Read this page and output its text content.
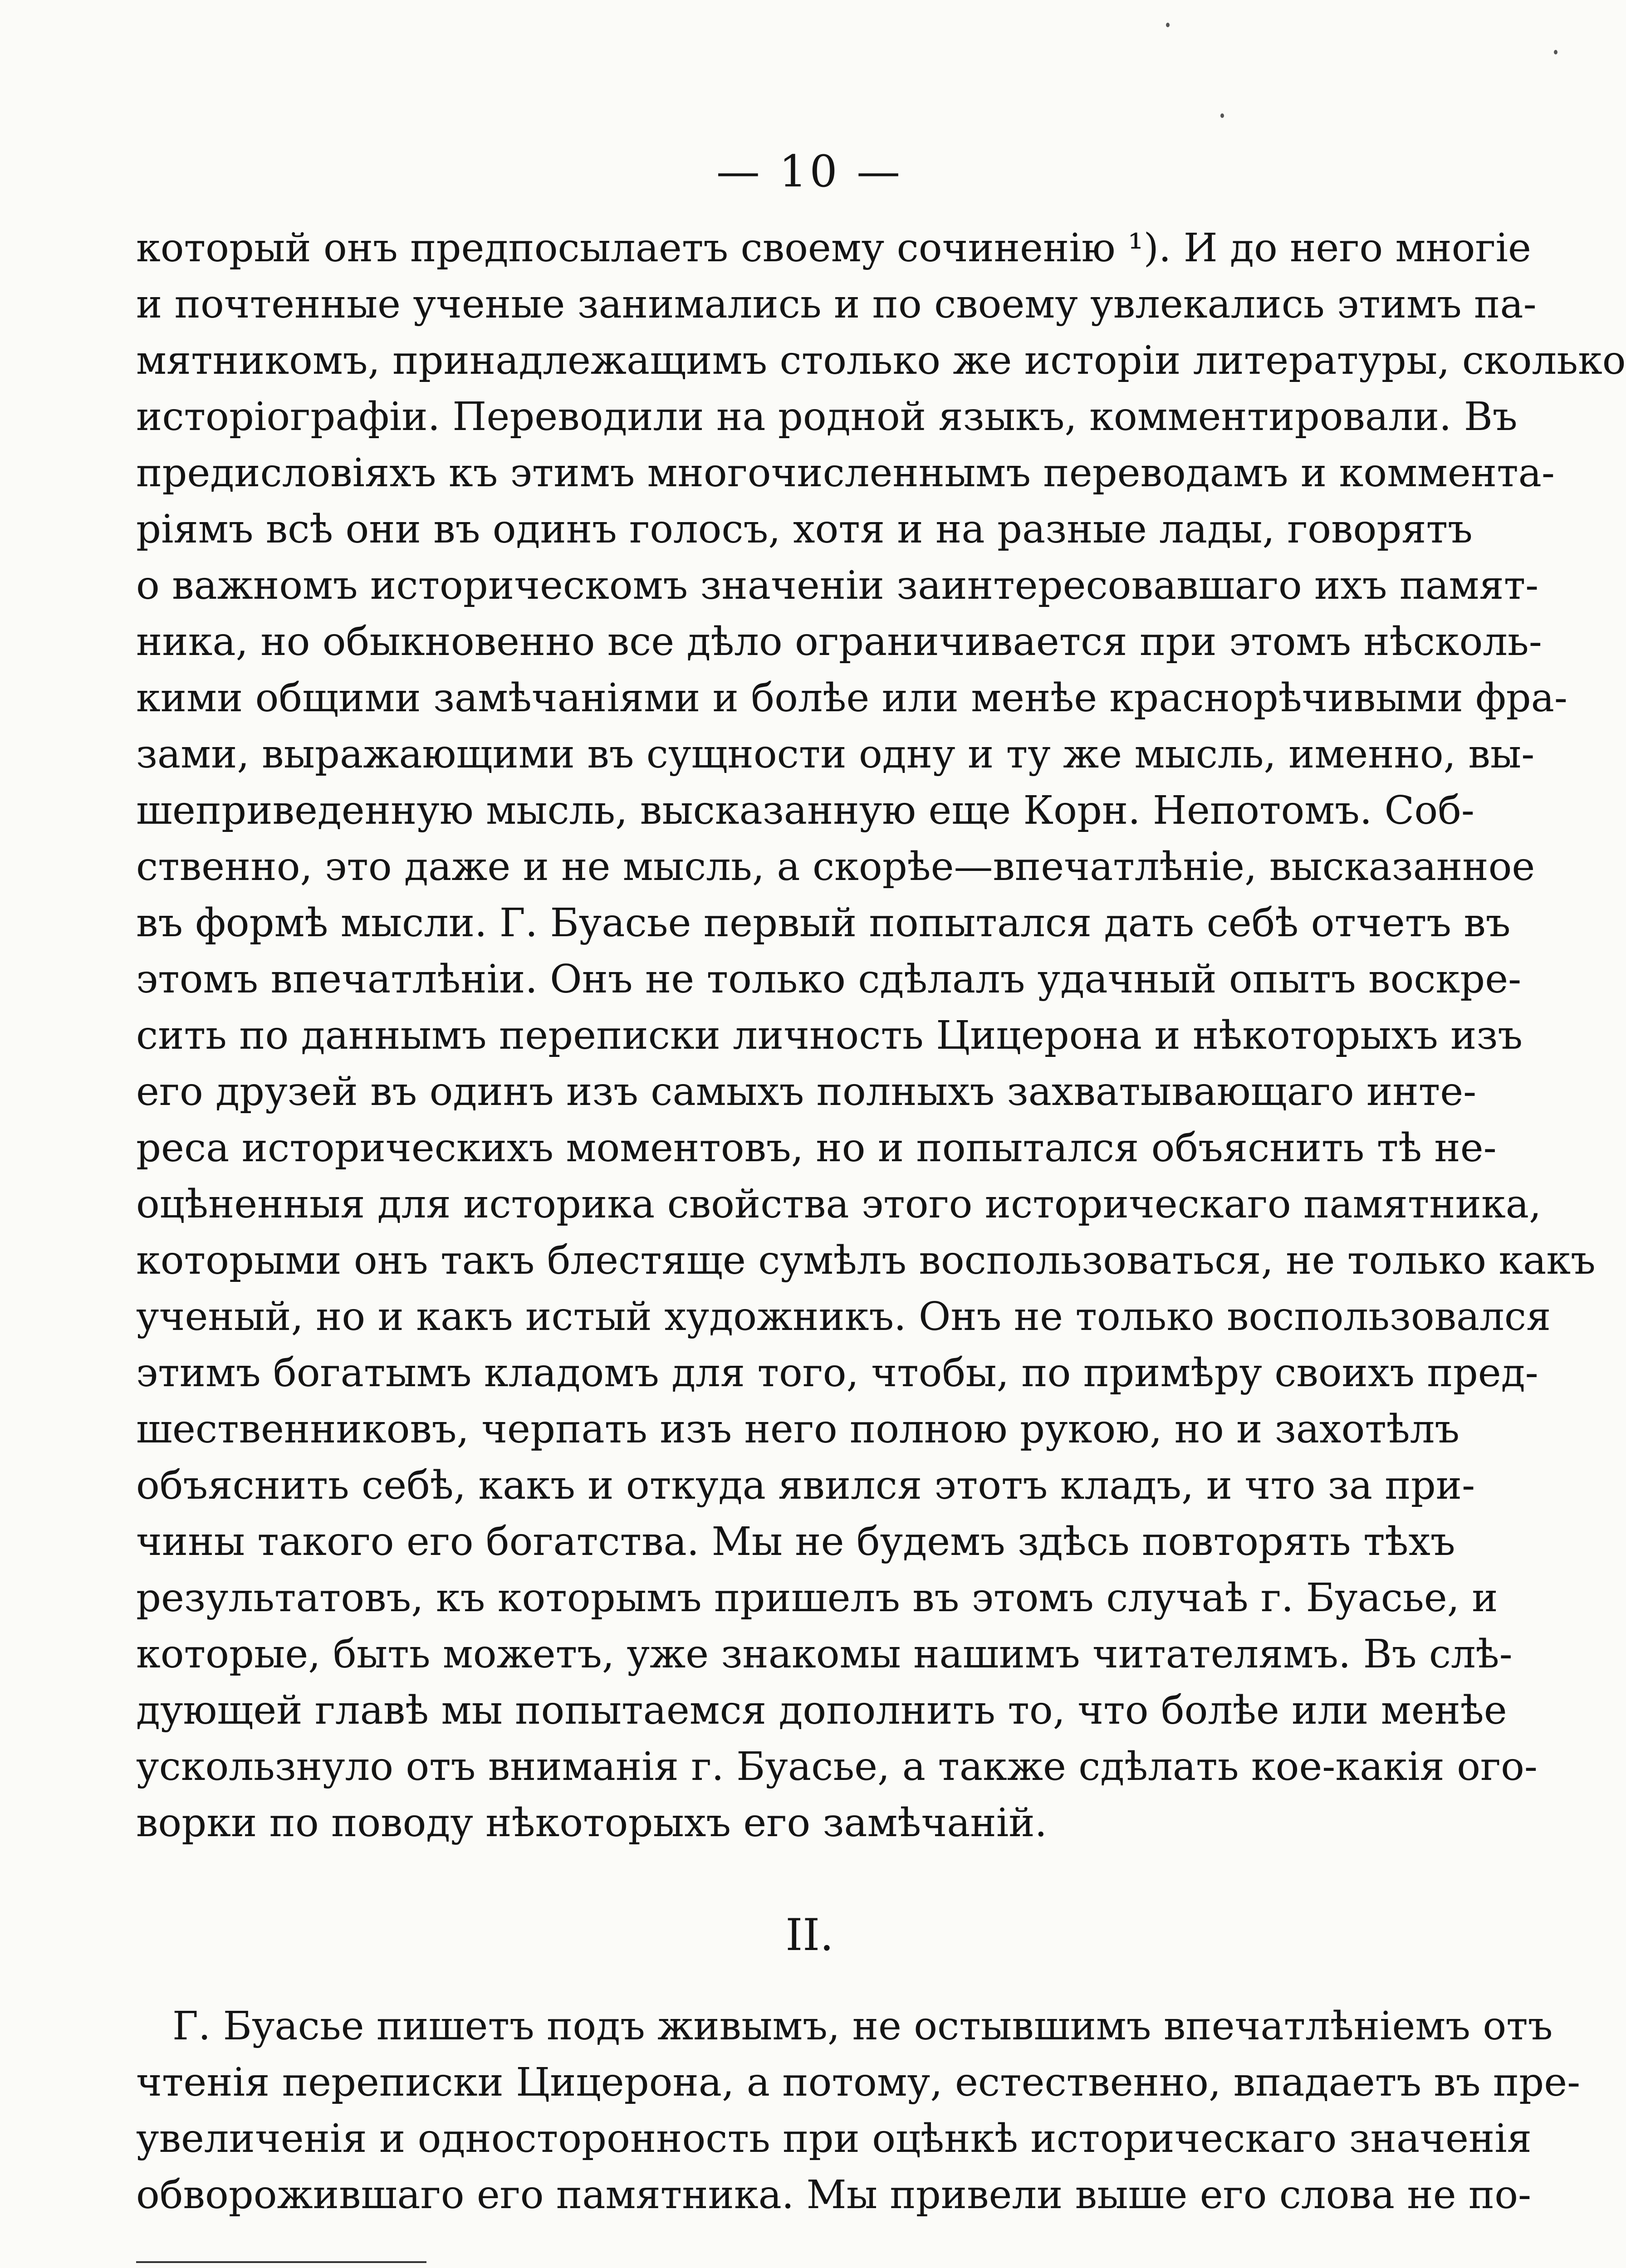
— 10 —
который онъ предпосылаетъ своему сочиненію ¹). И до него многіе
и почтенные ученые занимались и по своему увлекались этимъ па-
мятникомъ, принадлежащимъ столько же исторіи литературы, сколько
исторіографіи. Переводили на родной языкъ, комментировали. Въ
предисловіяхъ къ этимъ многочисленнымъ переводамъ и коммента-
ріямъ всѣ они въ одинъ голосъ, хотя и на разные лады, говорятъ
о важномъ историческомъ значеніи заинтересовавшаго ихъ памят-
ника, но обыкновенно все дѣло ограничивается при этомъ нѣсколь-
кими общими замѣчаніями и болѣе или менѣе краснорѣчивыми фра-
зами, выражающими въ сущности одну и ту же мысль, именно, вы-
шеприведенную мысль, высказанную еще Корн. Непотомъ. Соб-
ственно, это даже и не мысль, а скорѣе—впечатлѣніе, высказанное
въ формѣ мысли. Г. Буасье первый попытался дать себѣ отчетъ въ
этомъ впечатлѣніи. Онъ не только сдѣлалъ удачный опытъ воскре-
сить по даннымъ переписки личность Цицерона и нѣкоторыхъ изъ
его друзей въ одинъ изъ самыхъ полныхъ захватывающаго инте-
реса историческихъ моментовъ, но и попытался объяснить тѣ не-
оцѣненныя для историка свойства этого историческаго памятника,
которыми онъ такъ блестяще сумѣлъ воспользоваться, не только какъ
ученый, но и какъ истый художникъ. Онъ не только воспользовался
этимъ богатымъ кладомъ для того, чтобы, по примѣру своихъ пред-
шественниковъ, черпать изъ него полною рукою, но и захотѣлъ
объяснить себѣ, какъ и откуда явился этотъ кладъ, и что за при-
чины такого его богатства. Мы не будемъ здѣсь повторять тѣхъ
результатовъ, къ которымъ пришелъ въ этомъ случаѣ г. Буасье, и
которые, быть можетъ, уже знакомы нашимъ читателямъ. Въ слѣ-
дующей главѣ мы попытаемся дополнить то, что болѣе или менѣе
ускользнуло отъ вниманія г. Буасье, а также сдѣлать кое-какія ого-
ворки по поводу нѣкоторыхъ его замѣчаній.
II.
Г. Буасье пишетъ подъ живымъ, не остывшимъ впечатлѣніемъ отъ
чтенія переписки Цицерона, а потому, естественно, впадаетъ въ пре-
увеличенія и односторонность при оцѣнкѣ историческаго значенія
обворожившаго его памятника. Мы привели выше его слова не по-
